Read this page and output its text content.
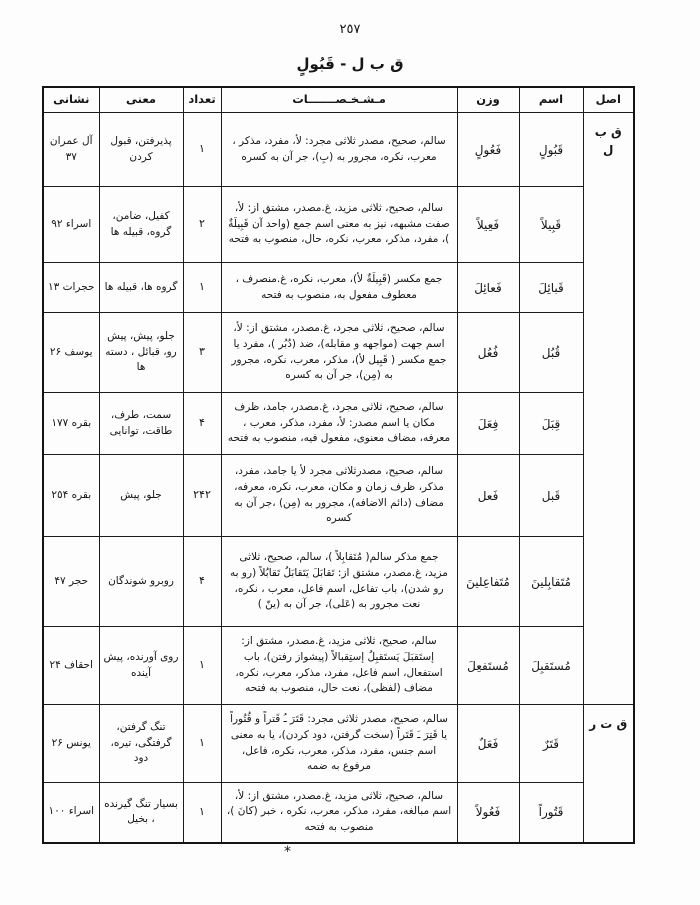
٢٥٧
ق ب ل - قَبُولٍ
اصل	اسم	وزن	مـشـخـصـــــــات	تعداد	معنی	نشانی
ق ب ل	قَبُولٍ	فَعُولٍ	سالم، صحیح، مصدر ثلاثی مجرد: لأ، مفرد، مذکر ، معرب، نکره، مجرور به (بِ)، جر آن به کسره	١	پذیرفتن، قبول کردن	آل عمران ٣٧
	قَبِیلاً	فَعِیلاً	سالم، صحیح، ثلاثی مزید، غ.مصدر، مشتق از: لأ، صفت مشبهه، نیز به معنی اسم جمع (واحد آن قَبِیلَةٌ )، مفرد، مذکر، معرب، نکره، حال، منصوب به فتحه	٢	کفیل، ضامن، گروه، قبیله ها	اسراء ٩٢
	قَبائِلَ	فَعائِلَ	جمع مکسر (قَبِیلَةٌ لأ)، معرب، نکره، غ.منصرف ، معطوف مفعول به، منصوب به فتحه	١	گروه ها، قبیله ها	حجرات ١٣
	قُبُل	فُعُل	سالم، صحیح، ثلاثی مجرد، غ.مصدر، مشتق از: لأ، اسم جهت (مواجهه و مقابله)، ضد (دُبُر )، مفرد یا جمع مکسر ( قَبِیل لأ)، مذکر، معرب، نکره، مجرور به (مِن)، جر آن به کسره	٣	جلو، پیش، پیش رو، قبائل ، دسته ها	یوسف ٢۶
	قِبَلَ	فِعَلَ	سالم، صحیح، ثلاثی مجرد، غ.مصدر، جامد، ظرف مکان یا اسم مصدر: لأ، مفرد، مذکر، معرب ، معرفه، مضاف معنوی، مفعول فیه، منصوب به فتحه	۴	سمت، طرف، طاقت، توانایی	بقره ١٧٧
	قَبل	فَعل	سالم، صحیح، مصدرثلاثی مجرد لأ یا جامد، مفرد، مذکر، ظرف زمان و مکان، معرب، نکره، معرفه، مضاف (دائم الاضافه)، مجرور به (مِن) ،جر آن به کسره	٢۴٢	جلو، پیش	بقره ٢٥۴
	مُتَقابِلینَ	مُتَفاعِلینَ	جمع مذکر سالم( مُتَقابِلاً )، سالم، صحیح، ثلاثی مزید، غ.مصدر، مشتق از: تَقابَلَ یَتَقابَلُ تَقابُلاً (رو به رو شدن)، باب تفاعل، اسم فاعل، معرب ، نکره، نعت مجرور به (عَلی)، جر آن به (ینّ )	۴	روبرو شوندگان	حجر ۴٧
	مُستَقبِلَ	مُستَفعِلَ	سالم، صحیح، ثلاثی مزید، غ.مصدر، مشتق از: إستَقبَلَ یَستَقبِلُ إستِقبالاً (پیشواز رفتن)، باب استفعال، اسم فاعل، مفرد، مذکر، معرب، نکره، مضاف (لفظی)، نعت حال، منصوب به فتحه	١	روی آورنده، پیش آینده	احقاف ٢۴
ق ت ر	قَتَرٌ	فَعَلٌ	سالم، صحیح، مصدر ثلاثی مجرد: قَتَرَ ـُ قَتراً و قُتُوراً یا قَتِرَ ـَ قَتَراً (سخت گرفتن، دود کردن)، یا به معنی اسم جنس، مفرد، مذکر، معرب، نکره، فاعل، مرفوع به ضمه	١	تنگ گرفتن، گرفتگی، تیره، دود	یونس ٢۶
	قَتُوراً	فَعُولاً	سالم، صحیح، ثلاثی مزید، غ.مصدر، مشتق از: لأ، اسم مبالغه، مفرد، مذکر، معرب، نکره ، خبر (کانَ )، منصوب به فتحه	١	بسیار تنگ گیرنده ، بخیل	اسراء ١٠٠
*
